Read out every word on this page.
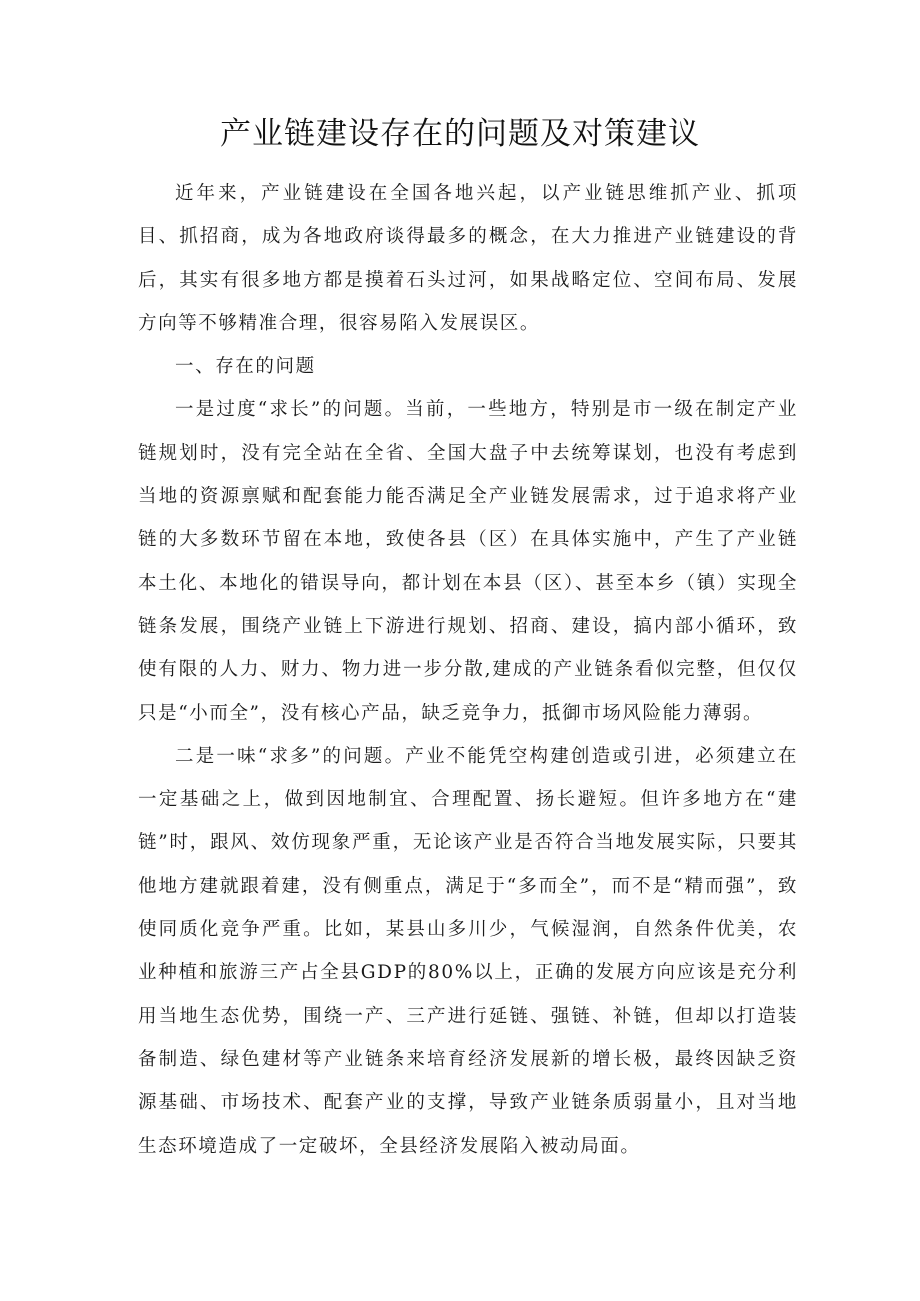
产业链建设存在的问题及对策建议

近年来，产业链建设在全国各地兴起，以产业链思维抓产业、抓项目、抓招商，成为各地政府谈得最多的概念，在大力推进产业链建设的背后，其实有很多地方都是摸着石头过河，如果战略定位、空间布局、发展方向等不够精准合理，很容易陷入发展误区。

一、存在的问题

一是过度“求长”的问题。当前，一些地方，特别是市一级在制定产业链规划时，没有完全站在全省、全国大盘子中去统筹谋划，也没有考虑到当地的资源禀赋和配套能力能否满足全产业链发展需求，过于追求将产业链的大多数环节留在本地，致使各县（区）在具体实施中，产生了产业链本土化、本地化的错误导向，都计划在本县（区）、甚至本乡（镇）实现全链条发展，围绕产业链上下游进行规划、招商、建设，搞内部小循环，致使有限的人力、财力、物力进一步分散,建成的产业链条看似完整，但仅仅只是“小而全”，没有核心产品，缺乏竞争力，抵御市场风险能力薄弱。

二是一味“求多”的问题。产业不能凭空构建创造或引进，必须建立在一定基础之上，做到因地制宜、合理配置、扬长避短。但许多地方在“建链”时，跟风、效仿现象严重，无论该产业是否符合当地发展实际，只要其他地方建就跟着建，没有侧重点，满足于“多而全”，而不是“精而强”，致使同质化竞争严重。比如，某县山多川少，气候湿润，自然条件优美，农业种植和旅游三产占全县GDP的80%以上，正确的发展方向应该是充分利用当地生态优势，围绕一产、三产进行延链、强链、补链，但却以打造装备制造、绿色建材等产业链条来培育经济发展新的增长极，最终因缺乏资源基础、市场技术、配套产业的支撑，导致产业链条质弱量小，且对当地生态环境造成了一定破坏，全县经济发展陷入被动局面。
